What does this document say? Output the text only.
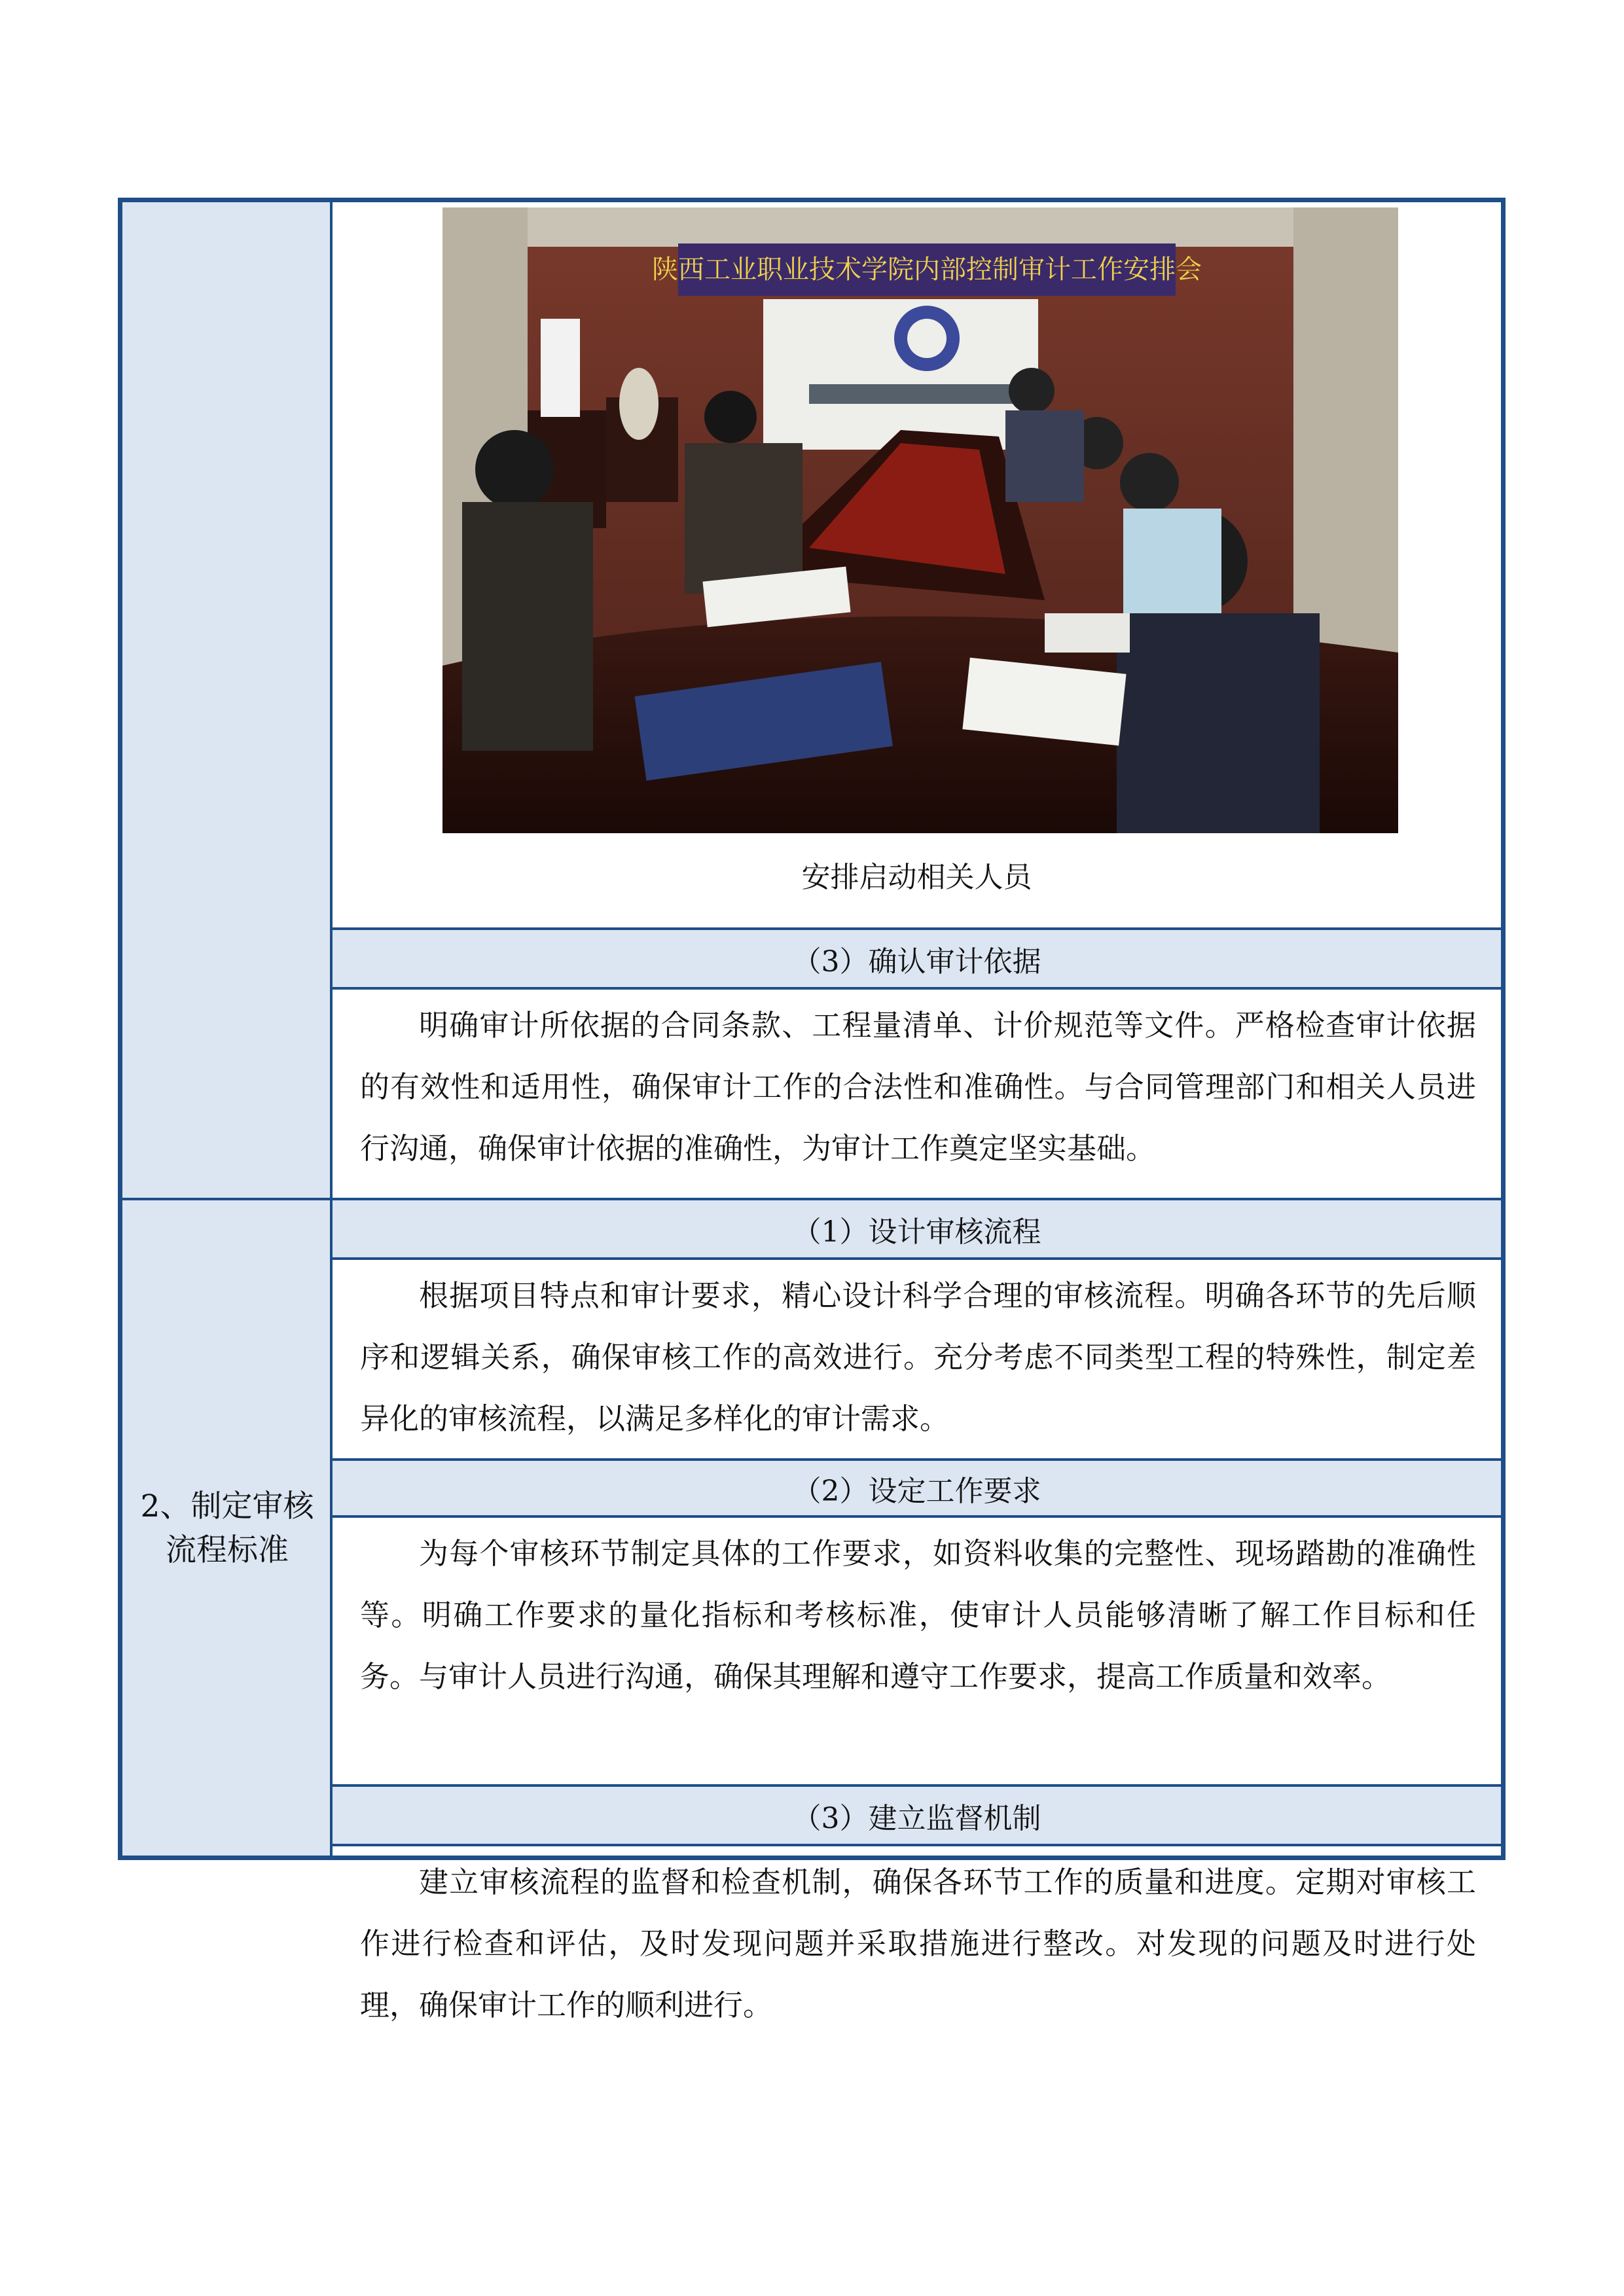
2、制定审核流程标准
陕西工业职业技术学院内部控制审计工作安排会
安排启动相关人员
（3）确认审计依据
明确审计所依据的合同条款、工程量清单、计价规范等文件。严格检查审计依据的有效性和适用性，确保审计工作的合法性和准确性。与合同管理部门和相关人员进行沟通，确保审计依据的准确性，为审计工作奠定坚实基础。
（1）设计审核流程
根据项目特点和审计要求，精心设计科学合理的审核流程。明确各环节的先后顺序和逻辑关系，确保审核工作的高效进行。充分考虑不同类型工程的特殊性，制定差异化的审核流程，以满足多样化的审计需求。
（2）设定工作要求
为每个审核环节制定具体的工作要求，如资料收集的完整性、现场踏勘的准确性等。明确工作要求的量化指标和考核标准，使审计人员能够清晰了解工作目标和任务。与审计人员进行沟通，确保其理解和遵守工作要求，提高工作质量和效率。
（3）建立监督机制
建立审核流程的监督和检查机制，确保各环节工作的质量和进度。定期对审核工作进行检查和评估，及时发现问题并采取措施进行整改。对发现的问题及时进行处理，确保审计工作的顺利进行。
